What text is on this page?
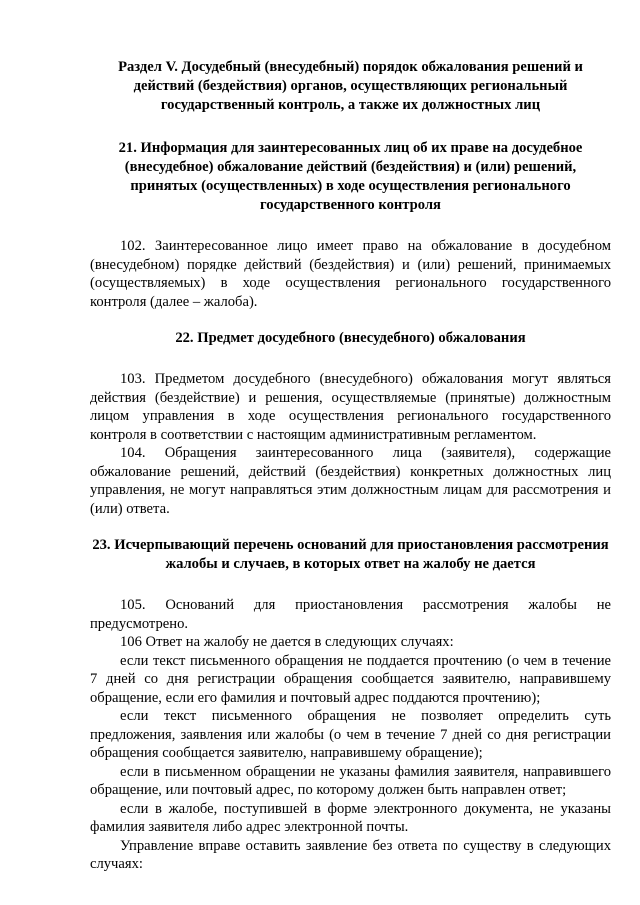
Раздел V. Досудебный (внесудебный) порядок обжалования решений и действий (бездействия) органов, осуществляющих региональный государственный контроль, а также их должностных лиц
21. Информация для заинтересованных лиц об их праве на досудебное (внесудебное) обжалование действий (бездействия) и (или) решений, принятых (осуществленных) в ходе осуществления регионального государственного контроля

102. Заинтересованное лицо имеет право на обжалование в досудебном (внесудебном) порядке действий (бездействия) и (или) решений, принимаемых (осуществляемых) в ходе осуществления регионального государственного контроля (далее – жалоба).

22. Предмет досудебного (внесудебного) обжалования

103. Предметом досудебного (внесудебного) обжалования могут являться действия (бездействие) и решения, осуществляемые (принятые) должностным лицом управления в ходе осуществления регионального государственного контроля в соответствии с настоящим административным регламентом.

104. Обращения заинтересованного лица (заявителя), содержащие обжалование решений, действий (бездействия) конкретных должностных лиц управления, не могут направляться этим должностным лицам для рассмотрения и (или) ответа.

23. Исчерпывающий перечень оснований для приостановления рассмотрения жалобы и случаев, в которых ответ на жалобу не дается

105. Оснований для приостановления рассмотрения жалобы не предусмотрено.

106 Ответ на жалобу не дается в следующих случаях:

если текст письменного обращения не поддается прочтению (о чем в течение 7 дней со дня регистрации обращения сообщается заявителю, направившему обращение, если его фамилия и почтовый адрес поддаются прочтению);

если текст письменного обращения не позволяет определить суть предложения, заявления или жалобы (о чем в течение 7 дней со дня регистрации обращения сообщается заявителю, направившему обращение);

если в письменном обращении не указаны фамилия заявителя, направившего обращение, или почтовый адрес, по которому должен быть направлен ответ;

если в жалобе, поступившей в форме электронного документа, не указаны фамилия заявителя либо адрес электронной почты.

Управление вправе оставить заявление без ответа по существу в следующих случаях:
